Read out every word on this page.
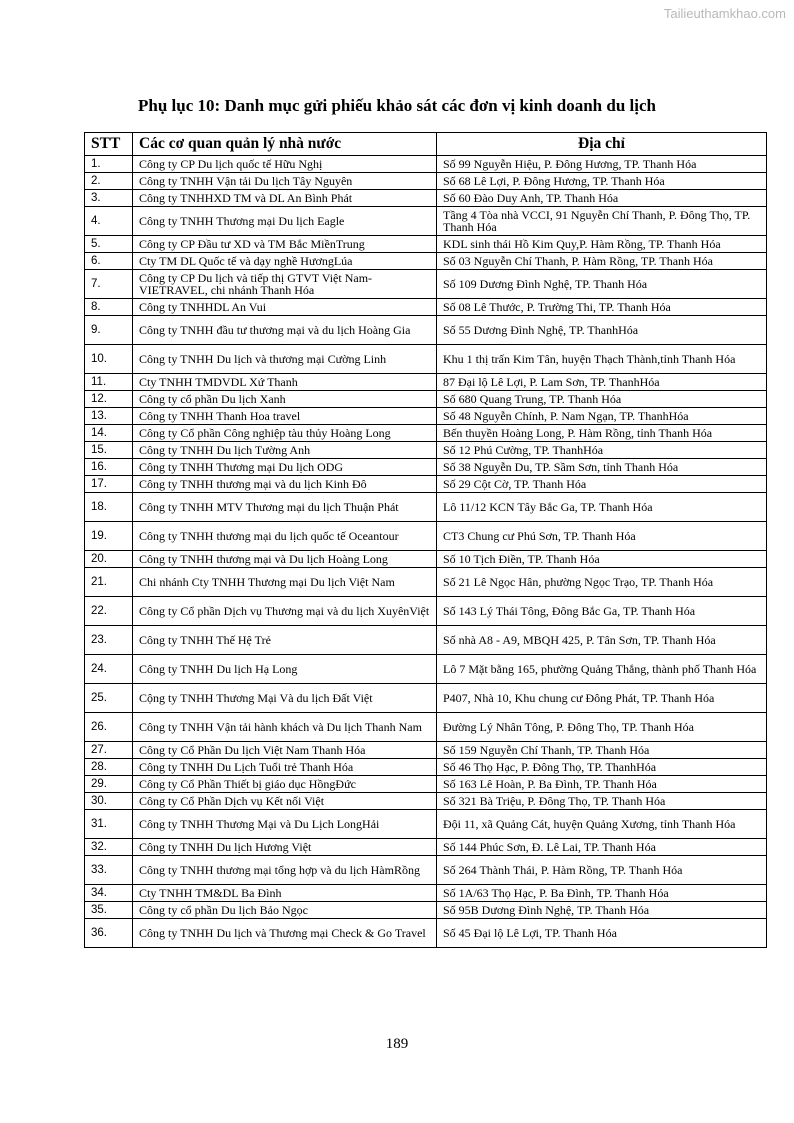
Tailieuthamkhao.com
Phụ lục 10: Danh mục gửi phiếu khảo sát các đơn vị kinh doanh du lịch
STT	Các cơ quan quản lý nhà nước	Địa chỉ
1.	Công ty CP Du lịch quốc tế Hữu Nghị	Số 99 Nguyễn Hiệu, P. Đông Hương, TP. Thanh Hóa
2.	Công ty TNHH Vận tải Du lịch Tây Nguyên	Số 68 Lê Lợi, P. Đông Hương, TP. Thanh Hóa
3.	Công ty TNHHXD TM và DL An Bình Phát	Số 60 Đào Duy Anh, TP. Thanh Hóa
4.	Công ty TNHH Thương mại Du lịch Eagle	Tầng 4 Tòa nhà VCCI, 91 Nguyễn Chí Thanh, P. Đông Thọ, TP. Thanh Hóa
5.	Công ty CP Đầu tư XD và TM Bắc MiềnTrung	KDL sinh thái Hồ Kim Quy,P. Hàm Rồng, TP. Thanh Hóa
6.	Cty TM DL Quốc tế và dạy nghề HươngLúa	Số 03 Nguyễn Chí Thanh, P. Hàm Rồng, TP. Thanh Hóa
7.	Công ty CP Du lịch và tiếp thị GTVT Việt Nam-VIETRAVEL, chi nhánh Thanh Hóa	Số 109 Dương Đình Nghệ, TP. Thanh Hóa
8.	Công ty TNHHDL An Vui	Số 08 Lê Thước, P. Trường Thi, TP. Thanh Hóa
9.	Công ty TNHH đầu tư thương mại và du lịch Hoàng Gia	Số 55 Dương Đình Nghệ, TP. ThanhHóa
10.	Công ty TNHH Du lịch và thương mại Cường Linh	Khu 1 thị trấn Kim Tân, huyện Thạch Thành,tỉnh Thanh Hóa
11.	Cty TNHH TMDVDL Xứ Thanh	87 Đại lộ Lê Lợi, P. Lam Sơn, TP. ThanhHóa
12.	Công ty cổ phần Du lịch Xanh	Số 680 Quang Trung, TP. Thanh Hóa
13.	Công ty TNHH Thanh Hoa travel	Số 48 Nguyễn Chính, P. Nam Ngạn, TP. ThanhHóa
14.	Công ty Cổ phần Công nghiệp tàu thủy Hoàng Long	Bến thuyền Hoàng Long, P. Hàm Rồng, tỉnh Thanh Hóa
15.	Công ty TNHH Du lịch Tường Anh	Số 12 Phú Cường, TP. ThanhHóa
16.	Công ty TNHH Thương mại Du lịch ODG	Số 38 Nguyễn Du, TP. Sầm Sơn, tỉnh Thanh Hóa
17.	Công ty TNHH thương mại và du lịch Kinh Đô	Số 29 Cột Cờ, TP. Thanh Hóa
18.	Công ty TNHH MTV Thương mại du lịch Thuận Phát	Lô 11/12 KCN Tây Bắc Ga, TP. Thanh Hóa
19.	Công ty TNHH thương mại du lịch quốc tế Oceantour	CT3 Chung cư Phú Sơn, TP. Thanh Hóa
20.	Công ty TNHH thương mại và Du lịch Hoàng Long	Số 10 Tịch Điền, TP. Thanh Hóa
21.	Chi nhánh Cty TNHH Thương mại Du lịch Việt Nam	Số 21 Lê Ngọc Hân, phường Ngọc Trạo, TP. Thanh Hóa
22.	Công ty Cổ phần Dịch vụ Thương mại và du lịch XuyênViệt	Số 143 Lý Thái Tông, Đông Bắc Ga, TP. Thanh Hóa
23.	Công ty TNHH Thế Hệ Trẻ	Số nhà A8 - A9, MBQH 425, P. Tân Sơn, TP. Thanh Hóa
24.	Công ty TNHH Du lịch Hạ Long	Lô 7 Mặt bằng 165, phường Quảng Thắng, thành phố Thanh Hóa
25.	Cộng ty TNHH Thương Mại Và du lịch Đất Việt	P407, Nhà 10, Khu chung cư Đông Phát, TP. Thanh Hóa
26.	Công ty TNHH Vận tải hành khách và Du lịch Thanh Nam	Đường Lý Nhân Tông, P. Đông Thọ, TP. Thanh Hóa
27.	Công ty Cổ Phần Du lịch Việt Nam Thanh Hóa	Số 159 Nguyễn Chí Thanh, TP. Thanh Hóa
28.	Công ty TNHH Du Lịch Tuổi trẻ Thanh Hóa	Số 46 Thọ Hạc, P. Đông Thọ, TP. ThanhHóa
29.	Công ty Cổ Phần Thiết bị giáo dục HồngĐức	Số 163 Lê Hoàn, P. Ba Đình, TP. Thanh Hóa
30.	Công ty Cổ Phần Dịch vụ Kết nối Việt	Số 321 Bà Triệu, P. Đông Thọ, TP. Thanh Hóa
31.	Công ty TNHH Thương Mại và Du Lịch LongHải	Đội 11, xã Quảng Cát, huyện Quảng Xương, tỉnh Thanh Hóa
32.	Công ty TNHH Du lịch Hương Việt	Số 144 Phúc Sơn, Đ. Lê Lai, TP. Thanh Hóa
33.	Công ty TNHH thương mại tổng hợp và du lịch HàmRồng	Số 264 Thành Thái, P. Hàm Rồng, TP. Thanh Hóa
34.	Cty TNHH TM&DL Ba Đình	Số 1A/63 Thọ Hạc, P. Ba Đình, TP. Thanh Hóa
35.	Công ty cổ phần Du lịch Bảo Ngọc	Số 95B Dương Đình Nghệ, TP. Thanh Hóa
36.	Công ty TNHH Du lịch và Thương mại Check & Go Travel	Số 45 Đại lộ Lê Lợi, TP. Thanh Hóa
189
